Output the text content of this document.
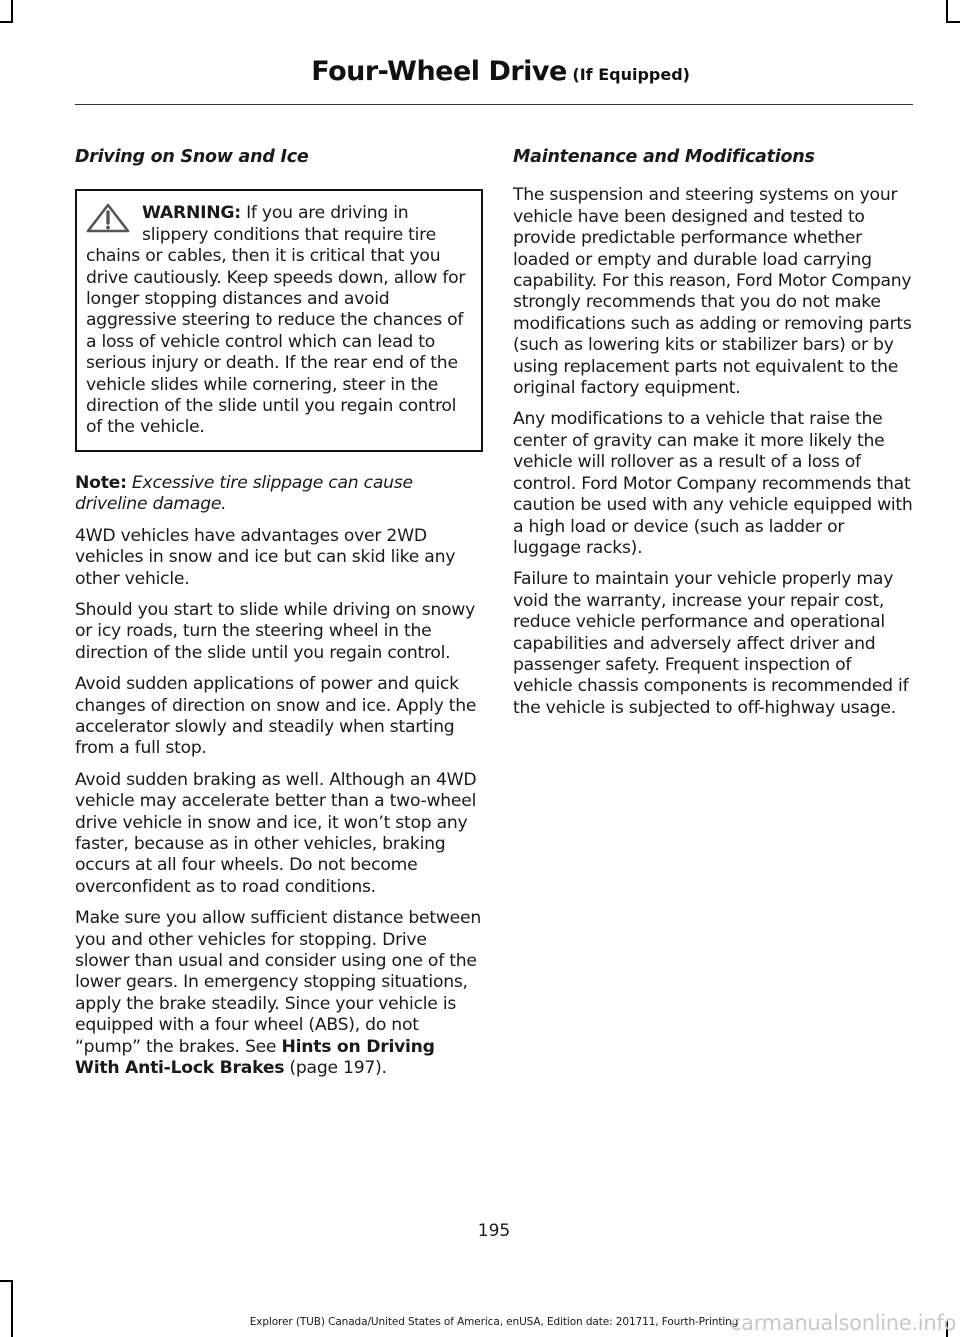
Four-Wheel Drive (If Equipped)
Driving on Snow and Ice
WARNING: If you are driving in slippery conditions that require tire chains or cables, then it is critical that you drive cautiously. Keep speeds down, allow for longer stopping distances and avoid aggressive steering to reduce the chances of a loss of vehicle control which can lead to serious injury or death. If the rear end of the vehicle slides while cornering, steer in the direction of the slide until you regain control of the vehicle.

Note: Excessive tire slippage can cause driveline damage.

4WD vehicles have advantages over 2WD vehicles in snow and ice but can skid like any other vehicle.

Should you start to slide while driving on snowy or icy roads, turn the steering wheel in the direction of the slide until you regain control.

Avoid sudden applications of power and quick changes of direction on snow and ice. Apply the accelerator slowly and steadily when starting from a full stop.

Avoid sudden braking as well. Although an 4WD vehicle may accelerate better than a two-wheel drive vehicle in snow and ice, it won’t stop any faster, because as in other vehicles, braking occurs at all four wheels. Do not become overconfident as to road conditions.

Make sure you allow sufficient distance between you and other vehicles for stopping. Drive slower than usual and consider using one of the lower gears. In emergency stopping situations, apply the brake steadily. Since your vehicle is equipped with a four wheel (ABS), do not “pump” the brakes. See Hints on Driving With Anti-Lock Brakes (page 197).

Maintenance and Modifications

The suspension and steering systems on your vehicle have been designed and tested to provide predictable performance whether loaded or empty and durable load carrying capability. For this reason, Ford Motor Company strongly recommends that you do not make modifications such as adding or removing parts (such as lowering kits or stabilizer bars) or by using replacement parts not equivalent to the original factory equipment.

Any modifications to a vehicle that raise the center of gravity can make it more likely the vehicle will rollover as a result of a loss of control. Ford Motor Company recommends that caution be used with any vehicle equipped with a high load or device (such as ladder or luggage racks).

Failure to maintain your vehicle properly may void the warranty, increase your repair cost, reduce vehicle performance and operational capabilities and adversely affect driver and passenger safety. Frequent inspection of vehicle chassis components is recommended if the vehicle is subjected to off-highway usage.

195
Explorer (TUB) Canada/United States of America, enUSA, Edition date: 201711, Fourth-Printing
carmanualsonline.info
